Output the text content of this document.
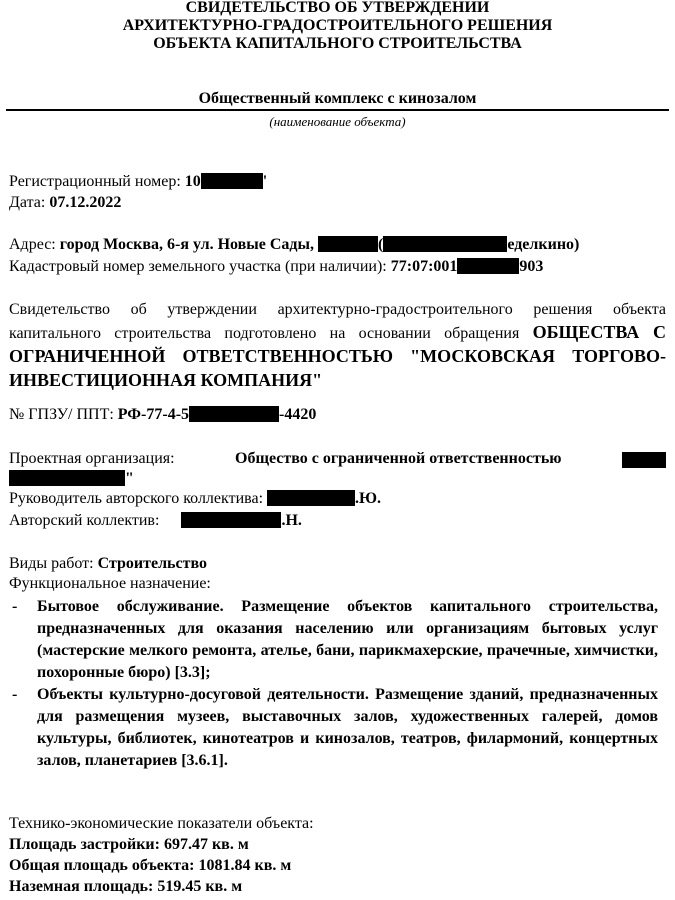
СВИДЕТЕЛЬСТВО ОБ УТВЕРЖДЕНИИ
АРХИТЕКТУРНО-ГРАДОСТРОИТЕЛЬНОГО РЕШЕНИЯ
ОБЪЕКТА КАПИТАЛЬНОГО СТРОИТЕЛЬСТВА
Общественный комплекс с кинозалом
(наименование объекта)
Регистрационный номер: 10	'
Дата: 07.12.2022
Адрес: город Москва, 6-я ул. Новые Сады,	(	еделкино)
Кадастровый номер земельного участка (при наличии): 77:07:001	903
Свидетельство об утверждении архитектурно-градостроительного решения объекта капитального строительства подготовлено на основании обращения ОБЩЕСТВА С ОГРАНИЧЕННОЙ ОТВЕТСТВЕННОСТЬЮ "МОСКОВСКАЯ ТОРГОВО-ИНВЕСТИЦИОННАЯ КОМПАНИЯ"
№ ГПЗУ/ ППТ: РФ-77-4-5	-4420
Проектная организация:	Общество с ограниченной ответственностью
"
Руководитель авторского коллектива:	.Ю.
Авторский коллектив:	.Н.
Виды работ: Строительство
Функциональное назначение:
- Бытовое обслуживание. Размещение объектов капитального строительства, предназначенных для оказания населению или организациям бытовых услуг (мастерские мелкого ремонта, ателье, бани, парикмахерские, прачечные, химчистки, похоронные бюро) [3.3];
- Объекты культурно-досуговой деятельности. Размещение зданий, предназначенных для размещения музеев, выставочных залов, художественных галерей, домов культуры, библиотек, кинотеатров и кинозалов, театров, филармоний, концертных залов, планетариев [3.6.1].
Технико-экономические показатели объекта:
Площадь застройки: 697.47 кв. м
Общая площадь объекта: 1081.84 кв. м
Наземная площадь: 519.45 кв. м
